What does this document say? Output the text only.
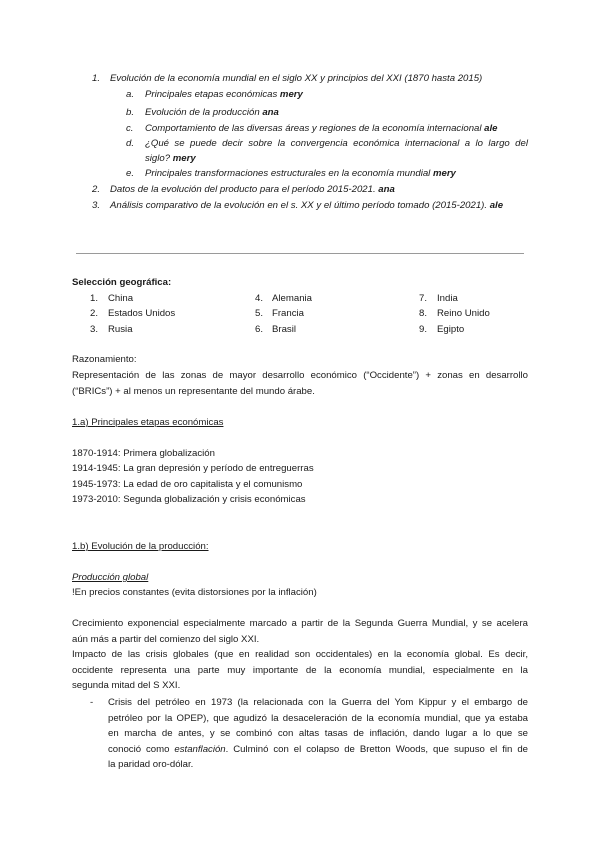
1. Evolución de la economía mundial en el siglo XX y principios del XXI (1870 hasta 2015)
a. Principales etapas económicas mery
b. Evolución de la producción ana
c. Comportamiento de las diversas áreas y regiones de la economía internacional ale
d. ¿Qué se puede decir sobre la convergencia económica internacional a lo largo del
siglo? mery
e. Principales transformaciones estructurales en la economía mundial mery
2. Datos de la evolución del producto para el período 2015-2021. ana
3. Análisis comparativo de la evolución en el s. XX y el último período tomado (2015-2021). ale
Selección geográfica:
1. China
2. Estados Unidos
3. Rusia
4. Alemania
5. Francia
6. Brasil
7. India
8. Reino Unido
9. Egipto
Razonamiento:
Representación de las zonas de mayor desarrollo económico (“Occidente”) + zonas en desarrollo
(“BRICs”) + al menos un representante del mundo árabe.
1.a) Principales etapas económicas
1870-1914: Primera globalización
1914-1945: La gran depresión y período de entreguerras
1945-1973: La edad de oro capitalista y el comunismo
1973-2010: Segunda globalización y crisis económicas
1.b) Evolución de la producción:
Producción global
!En precios constantes (evita distorsiones por la inflación)
Crecimiento exponencial especialmente marcado a partir de la Segunda Guerra Mundial, y se acelera
aún más a partir del comienzo del siglo XXI.
Impacto de las crisis globales (que en realidad son occidentales) en la economía global. Es decir,
occidente representa una parte muy importante de la economía mundial, especialmente en la
segunda mitad del S XXI.
- Crisis del petróleo en 1973 (la relacionada con la Guerra del Yom Kippur y el embargo de
petróleo por la OPEP), que agudizó la desaceleración de la economía mundial, que ya estaba
en marcha de antes, y se combinó con altas tasas de inflación, dando lugar a lo que se
conoció como estanflación. Culminó con el colapso de Bretton Woods, que supuso el fin de
la paridad oro-dólar.
